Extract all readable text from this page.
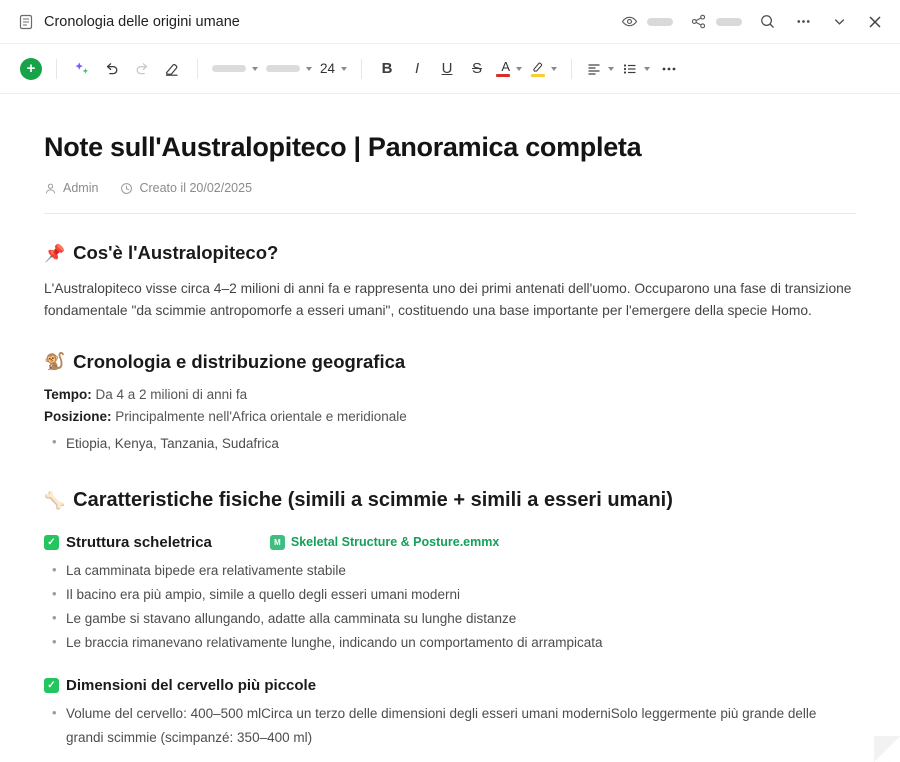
Cronologia delle origini umane
+	24	B I U S A
Note sull'Australopiteco | Panoramica completa
Admin	Creato il 20/02/2025
📌 Cos'è l'Australopiteco?

L'Australopiteco visse circa 4–2 milioni di anni fa e rappresenta uno dei primi antenati dell'uomo. Occuparono una fase di transizione fondamentale "da scimmie antropomorfe a esseri umani", costituendo una base importante per l'emergere della specie Homo.

🐒 Cronologia e distribuzione geografica

Tempo: Da 4 a 2 milioni di anni fa

Posizione: Principalmente nell'Africa orientale e meridionale

• Etiopia, Kenya, Tanzania, Sudafrica
🦴 Caratteristiche fisiche (simili a scimmie + simili a esseri umani)
✓ Struttura scheletrica	M Skeletal Structure & Posture.emmx
• La camminata bipede era relativamente stabile
• Il bacino era più ampio, simile a quello degli esseri umani moderni
• Le gambe si stavano allungando, adatte alla camminata su lunghe distanze
• Le braccia rimanevano relativamente lunghe, indicando un comportamento di arrampicata
✓ Dimensioni del cervello più piccole
• Volume del cervello: 400–500 mlCirca un terzo delle dimensioni degli esseri umani moderniSolo leggermente più grande delle grandi scimmie (scimpanzé: 350–400 ml)
